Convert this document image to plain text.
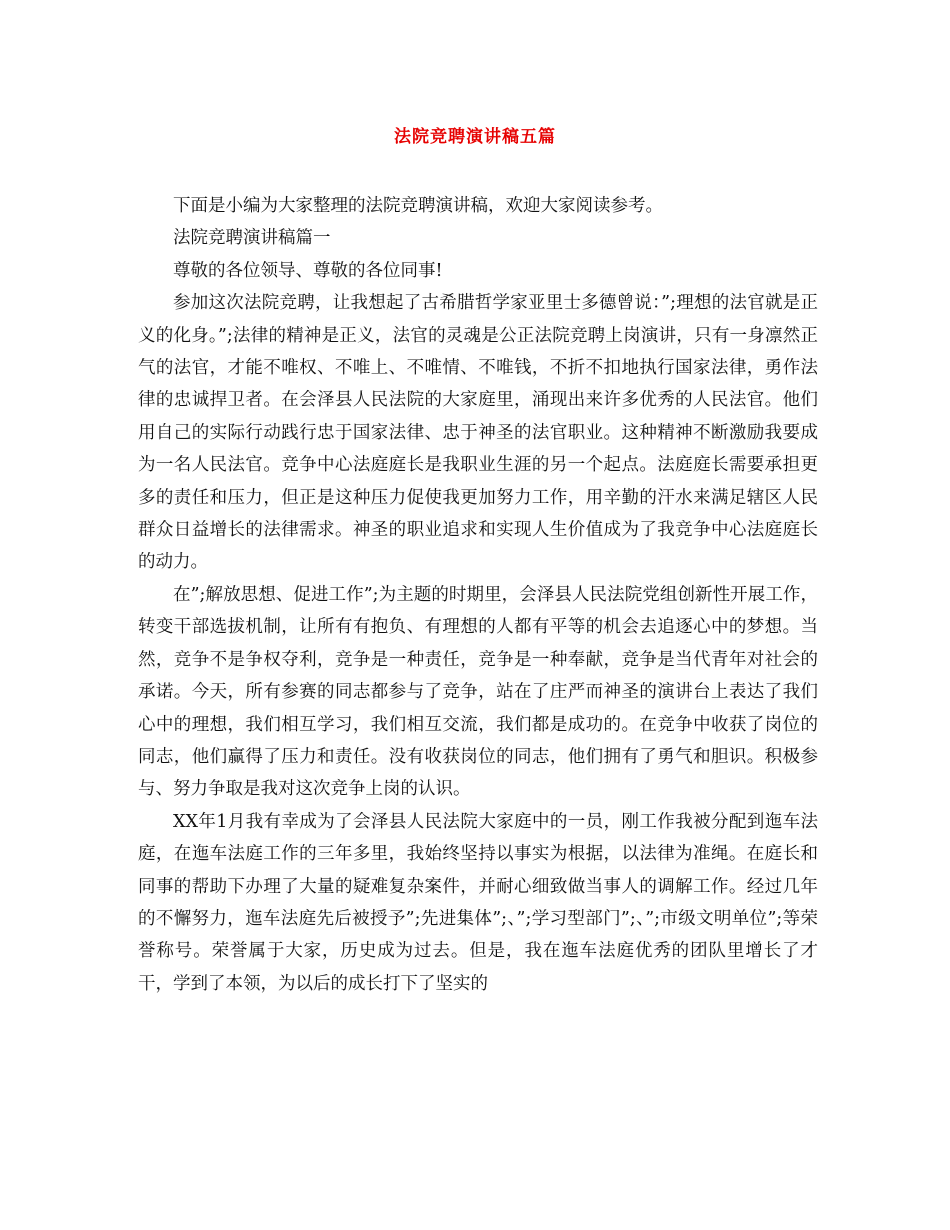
法院竞聘演讲稿五篇

下面是小编为大家整理的法院竞聘演讲稿，欢迎大家阅读参考。

法院竞聘演讲稿篇一

尊敬的各位领导、尊敬的各位同事!

参加这次法院竞聘，让我想起了古希腊哲学家亚里士多德曾说：”;理想的法官就是正义的化身。”;法律的精神是正义，法官的灵魂是公正法院竞聘上岗演讲，只有一身凛然正气的法官，才能不唯权、不唯上、不唯情、不唯钱，不折不扣地执行国家法律，勇作法律的忠诚捍卫者。在会泽县人民法院的大家庭里，涌现出来许多优秀的人民法官。他们用自己的实际行动践行忠于国家法律、忠于神圣的法官职业。这种精神不断激励我要成为一名人民法官。竞争中心法庭庭长是我职业生涯的另一个起点。法庭庭长需要承担更多的责任和压力，但正是这种压力促使我更加努力工作，用辛勤的汗水来满足辖区人民群众日益增长的法律需求。神圣的职业追求和实现人生价值成为了我竞争中心法庭庭长的动力。

在”;解放思想、促进工作”;为主题的时期里，会泽县人民法院党组创新性开展工作，转变干部选拔机制，让所有有抱负、有理想的人都有平等的机会去追逐心中的梦想。当然，竞争不是争权夺利，竞争是一种责任，竞争是一种奉献，竞争是当代青年对社会的承诺。今天，所有参赛的同志都参与了竞争，站在了庄严而神圣的演讲台上表达了我们心中的理想，我们相互学习，我们相互交流，我们都是成功的。在竞争中收获了岗位的同志，他们赢得了压力和责任。没有收获岗位的同志，他们拥有了勇气和胆识。积极参与、努力争取是我对这次竞争上岗的认识。

XX年1月我有幸成为了会泽县人民法院大家庭中的一员，刚工作我被分配到迤车法庭，在迤车法庭工作的三年多里，我始终坚持以事实为根据，以法律为准绳。在庭长和同事的帮助下办理了大量的疑难复杂案件，并耐心细致做当事人的调解工作。经过几年的不懈努力，迤车法庭先后被授予”;先进集体”;、”;学习型部门”;、”;市级文明单位”;等荣誉称号。荣誉属于大家，历史成为过去。但是，我在迤车法庭优秀的团队里增长了才干，学到了本领，为以后的成长打下了坚实的
